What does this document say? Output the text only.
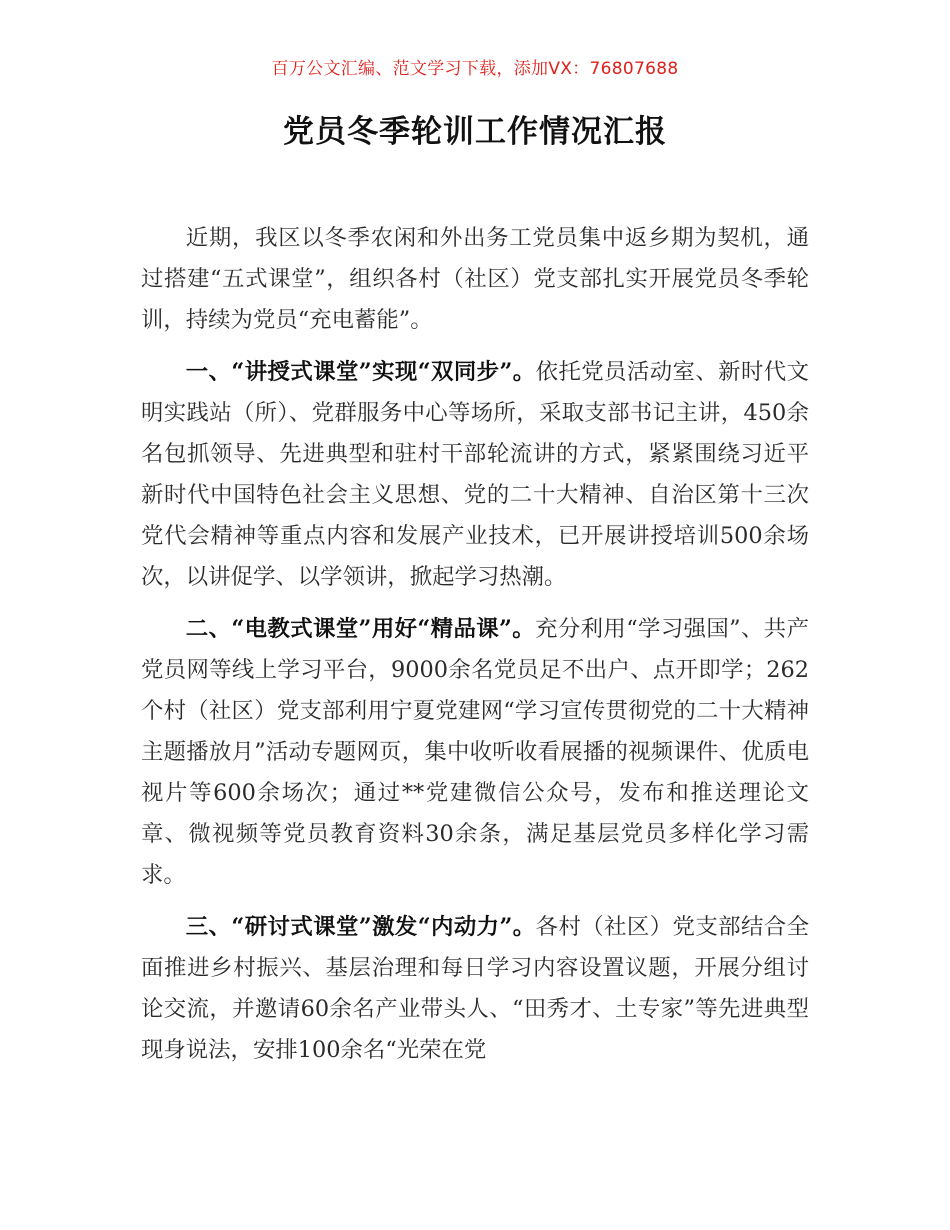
百万公文汇编、范文学习下载，添加VX：76807688
党员冬季轮训工作情况汇报

近期，我区以冬季农闲和外出务工党员集中返乡期为契机，通过搭建“五式课堂”，组织各村（社区）党支部扎实开展党员冬季轮训，持续为党员“充电蓄能”。

一、“讲授式课堂”实现“双同步”。依托党员活动室、新时代文明实践站（所）、党群服务中心等场所，采取支部书记主讲，450余名包抓领导、先进典型和驻村干部轮流讲的方式，紧紧围绕习近平新时代中国特色社会主义思想、党的二十大精神、自治区第十三次党代会精神等重点内容和发展产业技术，已开展讲授培训500余场次，以讲促学、以学领讲，掀起学习热潮。

二、“电教式课堂”用好“精品课”。充分利用“学习强国”、共产党员网等线上学习平台，9000余名党员足不出户、点开即学；262个村（社区）党支部利用宁夏党建网“学习宣传贯彻党的二十大精神主题播放月”活动专题网页，集中收听收看展播的视频课件、优质电视片等600余场次；通过**党建微信公众号，发布和推送理论文章、微视频等党员教育资料30余条，满足基层党员多样化学习需求。

三、“研讨式课堂”激发“内动力”。各村（社区）党支部结合全面推进乡村振兴、基层治理和每日学习内容设置议题，开展分组讨论交流，并邀请60余名产业带头人、“田秀才、土专家”等先进典型现身说法，安排100余名“光荣在党
